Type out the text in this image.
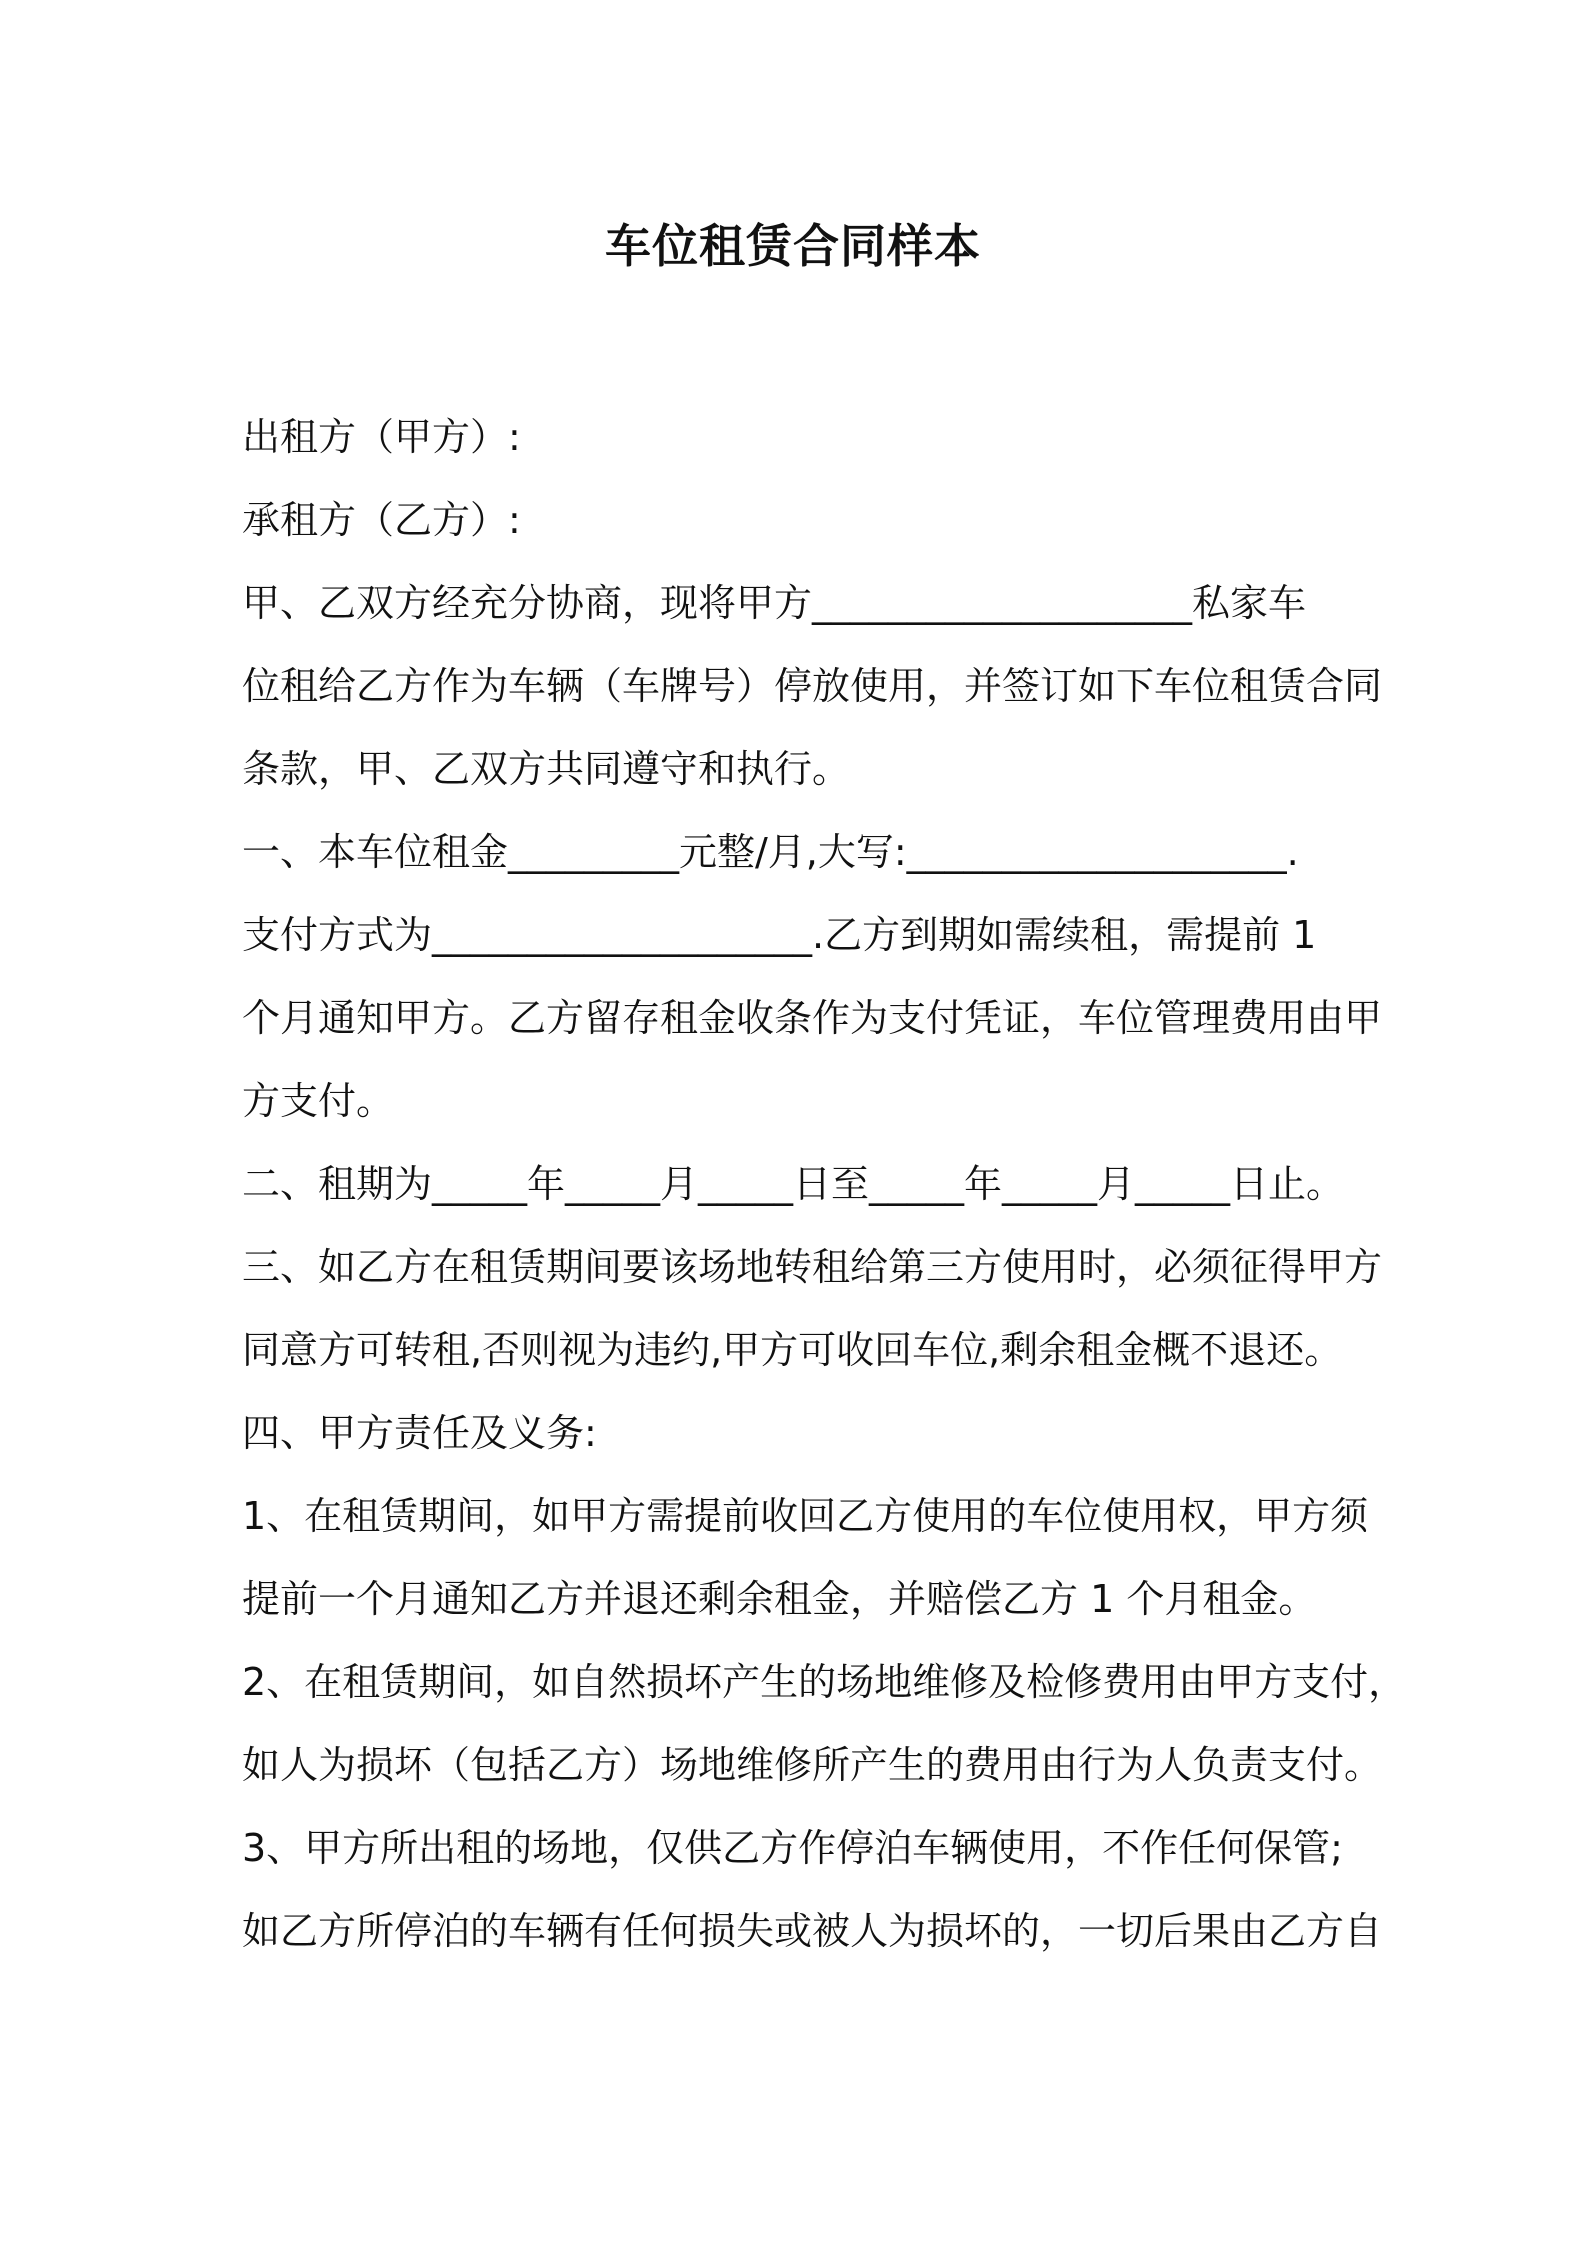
车位租赁合同样本
出租方（甲方）:
承租方（乙方）:
甲、乙双方经充分协商，现将甲方____________________私家车
位租给乙方作为车辆（车牌号）停放使用，并签订如下车位租赁合同
条款，甲、乙双方共同遵守和执行。
一、本车位租金_________元整/月,大写:____________________.
支付方式为____________________.乙方到期如需续租，需提前 1
个月通知甲方。乙方留存租金收条作为支付凭证，车位管理费用由甲
方支付。
二、租期为_____年_____月_____日至_____年_____月_____日止。
三、如乙方在租赁期间要该场地转租给第三方使用时，必须征得甲方
同意方可转租,否则视为违约,甲方可收回车位,剩余租金概不退还。
四、甲方责任及义务:
1、在租赁期间，如甲方需提前收回乙方使用的车位使用权，甲方须
提前一个月通知乙方并退还剩余租金，并赔偿乙方 1 个月租金。
2、在租赁期间，如自然损坏产生的场地维修及检修费用由甲方支付，
如人为损坏（包括乙方）场地维修所产生的费用由行为人负责支付。
3、甲方所出租的场地，仅供乙方作停泊车辆使用，不作任何保管;
如乙方所停泊的车辆有任何损失或被人为损坏的，一切后果由乙方自
